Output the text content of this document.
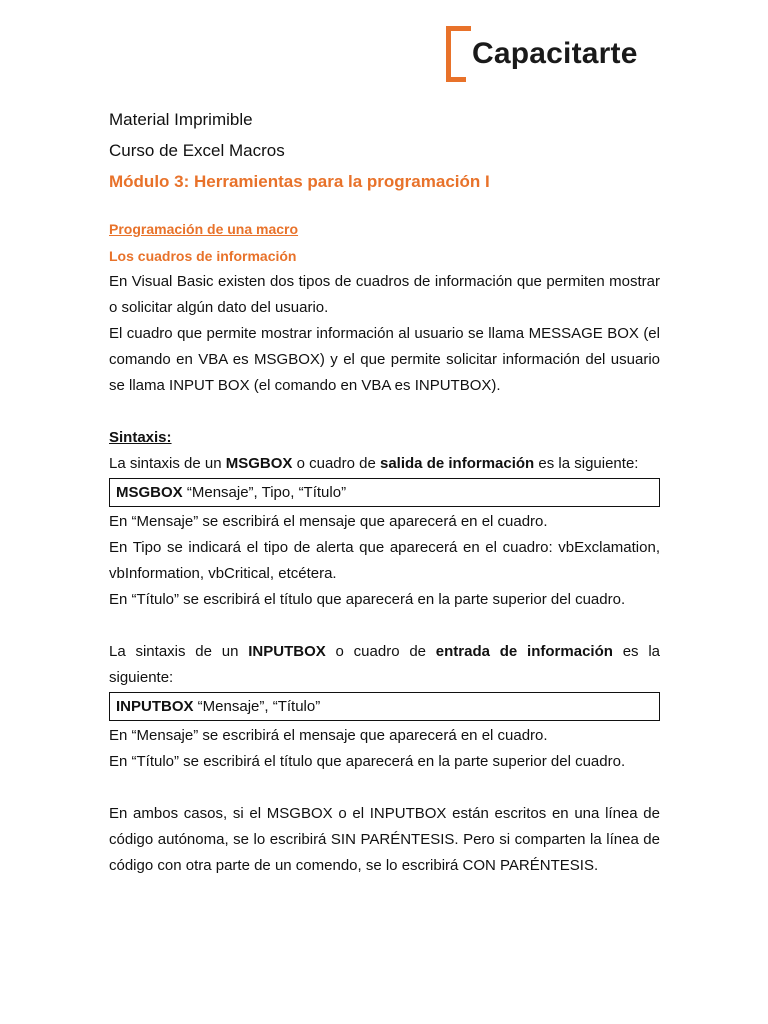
Capacitarte
Material Imprimible
Curso de Excel Macros
Módulo 3: Herramientas para la programación I
Programación de una macro
Los cuadros de información

En Visual Basic existen dos tipos de cuadros de información que permiten mostrar o solicitar algún dato del usuario.

El cuadro que permite mostrar información al usuario se llama MESSAGE BOX (el comando en VBA es MSGBOX) y el que permite solicitar información del usuario se llama INPUT BOX (el comando en VBA es INPUTBOX).

Sintaxis:

La sintaxis de un MSGBOX o cuadro de salida de información es la siguiente:

MSGBOX “Mensaje”, Tipo, “Título”

En “Mensaje” se escribirá el mensaje que aparecerá en el cuadro.

En Tipo se indicará el tipo de alerta que aparecerá en el cuadro: vbExclamation, vbInformation, vbCritical, etcétera.

En “Título” se escribirá el título que aparecerá en la parte superior del cuadro.

La sintaxis de un INPUTBOX o cuadro de entrada de información es la siguiente:

INPUTBOX “Mensaje”, “Título”

En “Mensaje” se escribirá el mensaje que aparecerá en el cuadro.

En “Título” se escribirá el título que aparecerá en la parte superior del cuadro.

En ambos casos, si el MSGBOX o el INPUTBOX están escritos en una línea de código autónoma, se lo escribirá SIN PARÉNTESIS. Pero si comparten la línea de código con otra parte de un comendo, se lo escribirá CON PARÉNTESIS.
